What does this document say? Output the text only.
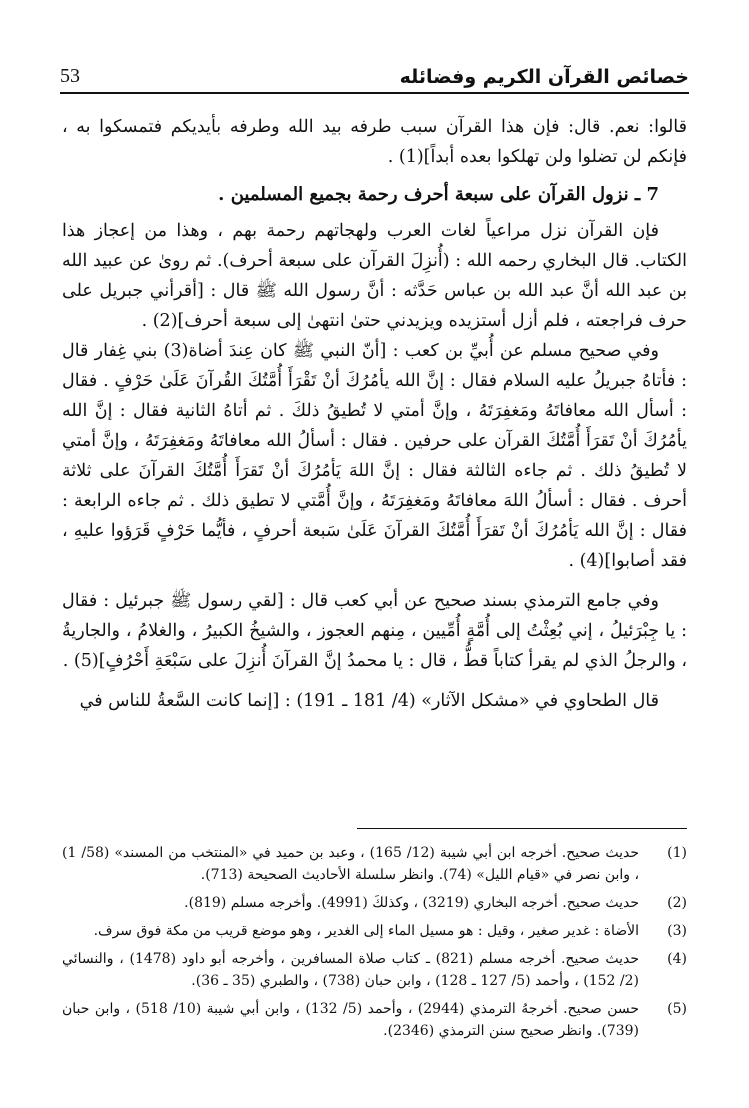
خصائص القرآن الكريم وفضائله
53

قالوا: نعم. قال: فإن هذا القرآن سبب طرفه بيد الله وطرفه بأيديكم فتمسكوا به ، فإنكم لن تضلوا ولن تهلكوا بعده أبداً](1) .

7 ـ نزول القرآن على سبعة أحرف رحمة بجميع المسلمين .

فإن القرآن نزل مراعياً لغات العرب ولهجاتهم رحمة بهم ، وهذا من إعجاز هذا الكتاب. قال البخاري رحمه الله : (أُنزِلَ القرآن على سبعة أحرف). ثم روىٰ عن عبيد الله بن عبد الله أنَّ عبد الله بن عباس حَدَّثه : أنَّ رسول الله ﷺ قال : [أقرأني جبريل على حرف فراجعته ، فلم أزل أستزيده ويزيدني حتىٰ انتهىٰ إلى سبعة أحرف](2) .

وفي صحيح مسلم عن أُبيِّ بن كعب : [أنّ النبي ﷺ كان عِندَ أضاة(3) بني غِفار قال : فأتاهُ جبريلُ عليه السلام فقال : إنَّ الله يأمُرُكَ أنْ تَقْرَأَ أُمَّتُكَ القُرآنَ عَلَىٰ حَرْفٍ . فقال : أسأل الله معافاتَهُ ومَغفِرَتَهُ ، وإنَّ أمتي لا تُطيقُ ذلكَ . ثم أتاهُ الثانية فقال : إنَّ الله يأمُرُكَ أنْ تَقرَأَ أُمَّتُكَ القرآن على حرفين . فقال : أسألُ الله معافاتَهُ ومَغفِرَتَهُ ، وإنَّ أمتي لا تُطيقُ ذلك . ثم جاءه الثالثة فقال : إنَّ اللهَ يَأمُرُكَ أنْ تَقرَأَ أُمَّتُكَ القرآنَ على ثلاثة أحرف . فقال : أسألُ اللهَ معافاتَهُ ومَغفِرَتَهُ ، وإنَّ أُمَّتي لا تطيق ذلك . ثم جاءه الرابعة : فقال : إنَّ الله يَأمُرُكَ أنْ تَقرَأَ أُمَّتُكَ القرآنَ عَلَىٰ سَبعة أحرفٍ ، فأيُّما حَرْفٍ قَرَؤوا عليهِ ، فقد أصابوا](4) .

وفي جامع الترمذي بسند صحيح عن أبي كعب قال : [لقي رسول ﷺ جبرئيل : فقال : يا جِبْرَئيلُ ، إني بُعِثْتُ إلى أُمَّةٍ أُمِّيين ، مِنهم العجوز ، والشيخُ الكبيرُ ، والغلامُ ، والجاريةُ ، والرجلُ الذي لم يقرأ كتاباً قطُّ ، قال : يا محمدُ إنَّ القرآنَ أُنزِلَ على سَبْعَةِ أَحْرُفٍ](5) .

قال الطحاوي في «مشكل الآثار» (4/ 181 ـ 191) : [إنما كانت السَّعةُ للناس في

(1)
حديث صحيح. أخرجه ابن أبي شيبة (12/ 165) ، وعبد بن حميد في «المنتخب من المسند» (58/ 1) ، وابن نصر في «قيام الليل» (74). وانظر سلسلة الأحاديث الصحيحة (713).
(2)
حديث صحيح. أخرجه البخاري (3219) ، وكذلكَ (4991). وأخرجه مسلم (819).
(3)
الأضاة : غدير صغير ، وقيل : هو مسيل الماء إلى الغدير ، وهو موضع قريب من مكة فوق سرف.
(4)
حديث صحيح. أخرجه مسلم (821) ـ كتاب صلاة المسافرين ، وأخرجه أبو داود (1478) ، والنسائي (2/ 152) ، وأحمد (5/ 127 ـ 128) ، وابن حبان (738) ، والطبري (35 ـ 36).
(5)
حسن صحيح. أخرجهُ الترمذي (2944) ، وأحمد (5/ 132) ، وابن أبي شيبة (10/ 518) ، وابن حبان (739). وانظر صحيح سنن الترمذي (2346).
